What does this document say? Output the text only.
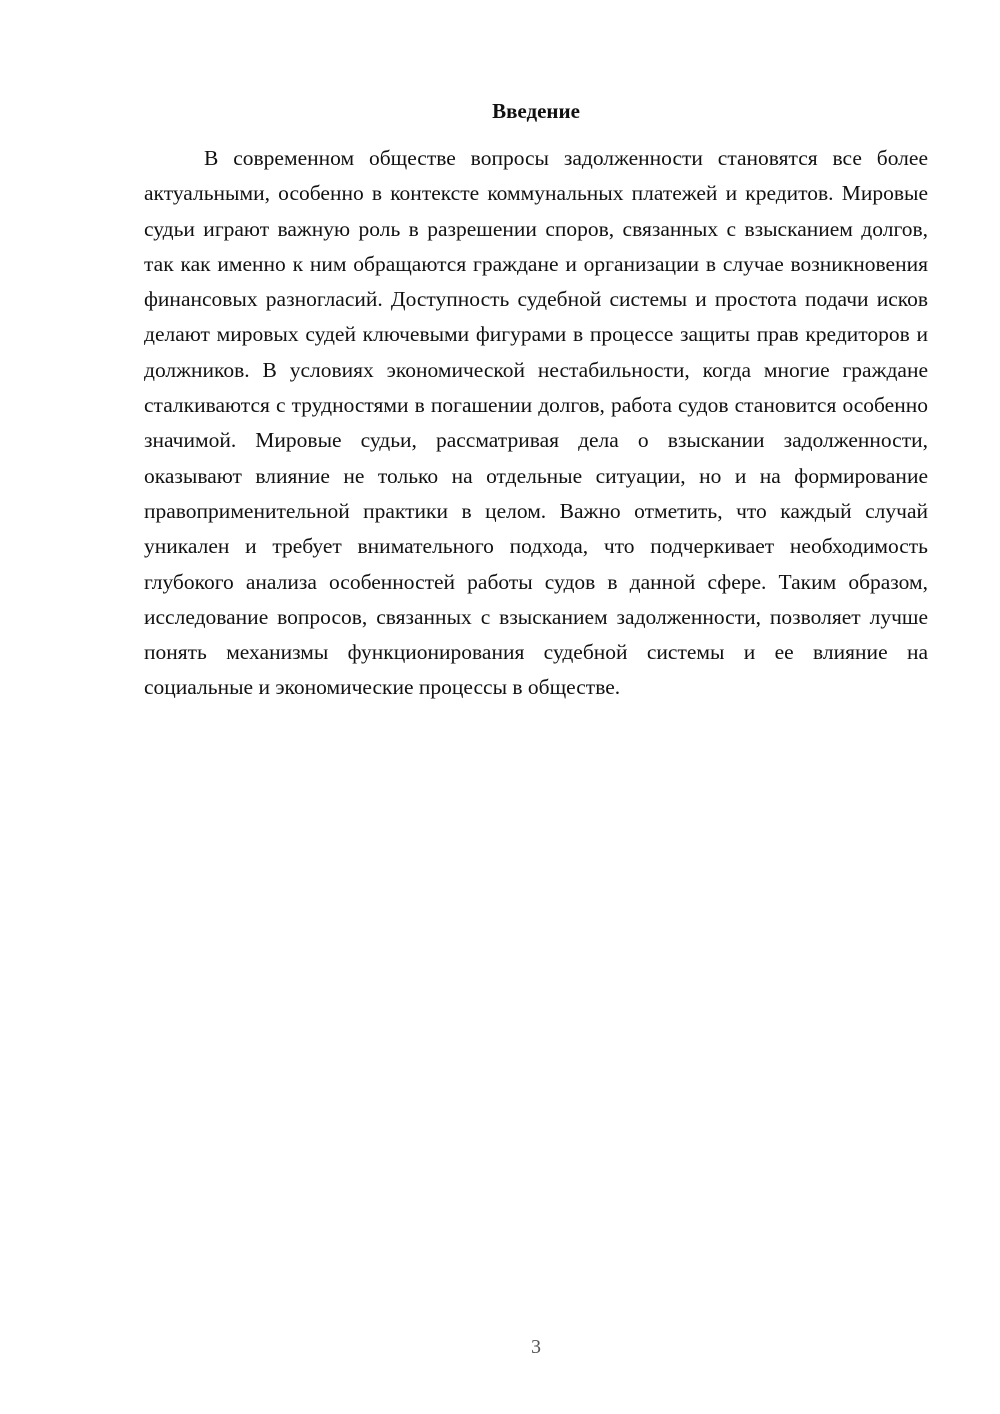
Введение

В современном обществе вопросы задолженности становятся все более актуальными, особенно в контексте коммунальных платежей и кредитов. Мировые судьи играют важную роль в разрешении споров, связанных с взысканием долгов, так как именно к ним обращаются граждане и организации в случае возникновения финансовых разногласий. Доступность судебной системы и простота подачи исков делают мировых судей ключевыми фигурами в процессе защиты прав кредиторов и должников. В условиях экономической нестабильности, когда многие граждане сталкиваются с трудностями в погашении долгов, работа судов становится особенно значимой. Мировые судьи, рассматривая дела о взыскании задолженности, оказывают влияние не только на отдельные ситуации, но и на формирование правоприменительной практики в целом. Важно отметить, что каждый случай уникален и требует внимательного подхода, что подчеркивает необходимость глубокого анализа особенностей работы судов в данной сфере. Таким образом, исследование вопросов, связанных с взысканием задолженности, позволяет лучше понять механизмы функционирования судебной системы и ее влияние на социальные и экономические процессы в обществе.

3
